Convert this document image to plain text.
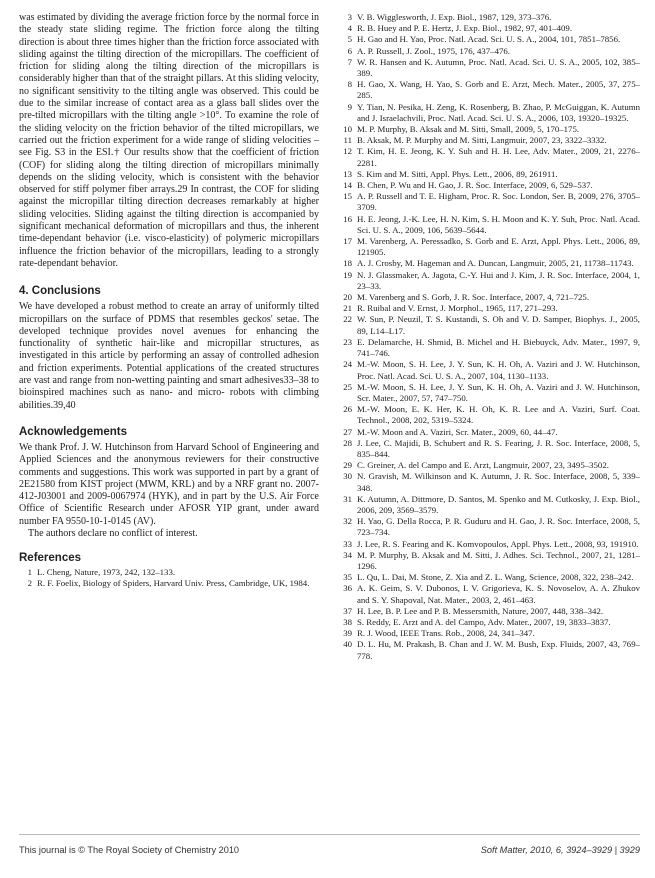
was estimated by dividing the average friction force by the normal force in the steady state sliding regime. The friction force along the tilting direction is about three times higher than the friction force associated with sliding against the tilting direction of the micropillars. The coefficient of friction for sliding along the tilting direction of the micropillars is considerably higher than that of the straight pillars. At this sliding velocity, no significant sensitivity to the tilting angle was observed. This could be due to the similar increase of contact area as a glass ball slides over the pre-tilted micropillars with the tilting angle >10°. To examine the role of the sliding velocity on the friction behavior of the tilted micropillars, we carried out the friction experiment for a wide range of sliding velocities – see Fig. S3 in the ESI.† Our results show that the coefficient of friction (COF) for sliding along the tilting direction of micropillars minimally depends on the sliding velocity, which is consistent with the behavior observed for stiff polymer fiber arrays.29 In contrast, the COF for sliding against the micropillar tilting direction decreases remarkably at higher sliding velocities. Sliding against the tilting direction is accompanied by significant mechanical deformation of micropillars and thus, the inherent time-dependant behavior (i.e. visco-elasticity) of polymeric micropillars influence the friction behavior of the micropillars, leading to a strongly rate-dependant behavior.

4. Conclusions

We have developed a robust method to create an array of uniformly tilted micropillars on the surface of PDMS that resembles geckos' setae. The developed technique provides novel avenues for enhancing the functionality of synthetic hair-like and micropillar structures, as investigated in this article by performing an assay of controlled adhesion and friction experiments. Potential applications of the created structures are vast and range from non-wetting painting and smart adhesives33–38 to bioinspired machines such as nano- and micro- robots with climbing abilities.39,40

Acknowledgements

We thank Prof. J. W. Hutchinson from Harvard School of Engineering and Applied Sciences and the anonymous reviewers for their constructive comments and suggestions. This work was supported in part by a grant of 2E21580 from KIST project (MWM, KRL) and by a NRF grant no. 2007-412-J03001 and 2009-0067974 (HYK), and in part by the U.S. Air Force Office of Scientific Research under AFOSR YIP grant, under award number FA 9550-10-1-0145 (AV).

The authors declare no conflict of interest.

References
1 L. Cheng, Nature, 1973, 242, 132–133.
2 R. F. Foelix, Biology of Spiders, Harvard Univ. Press, Cambridge, UK, 1984.
3 V. B. Wigglesworth, J. Exp. Biol., 1987, 129, 373–376.
4 R. B. Huey and P. E. Hertz, J. Exp. Biol., 1982, 97, 401–409.
5 H. Gao and H. Yao, Proc. Natl. Acad. Sci. U. S. A., 2004, 101, 7851–7856.
6 A. P. Russell, J. Zool., 1975, 176, 437–476.
7 W. R. Hansen and K. Autumn, Proc. Natl. Acad. Sci. U. S. A., 2005, 102, 385–389.
8 H. Gao, X. Wang, H. Yao, S. Gorb and E. Arzt, Mech. Mater., 2005, 37, 275–285.
9 Y. Tian, N. Pesika, H. Zeng, K. Rosenberg, B. Zhao, P. McGuiggan, K. Autumn and J. Israelachvili, Proc. Natl. Acad. Sci. U. S. A., 2006, 103, 19320–19325.
10 M. P. Murphy, B. Aksak and M. Sitti, Small, 2009, 5, 170–175.
11 B. Aksak, M. P. Murphy and M. Sitti, Langmuir, 2007, 23, 3322–3332.
12 T. Kim, H. E. Jeong, K. Y. Suh and H. H. Lee, Adv. Mater., 2009, 21, 2276–2281.
13 S. Kim and M. Sitti, Appl. Phys. Lett., 2006, 89, 261911.
14 B. Chen, P. Wu and H. Gao, J. R. Soc. Interface, 2009, 6, 529–537.
15 A. P. Russell and T. E. Higham, Proc. R. Soc. London, Ser. B, 2009, 276, 3705–3709.
16 H. E. Jeong, J.-K. Lee, H. N. Kim, S. H. Moon and K. Y. Suh, Proc. Natl. Acad. Sci. U. S. A., 2009, 106, 5639–5644.
17 M. Varenberg, A. Peressadko, S. Gorb and E. Arzt, Appl. Phys. Lett., 2006, 89, 121905.
18 A. J. Crosby, M. Hageman and A. Duncan, Langmuir, 2005, 21, 11738–11743.
19 N. J. Glassmaker, A. Jagota, C.-Y. Hui and J. Kim, J. R. Soc. Interface, 2004, 1, 23–33.
20 M. Varenberg and S. Gorb, J. R. Soc. Interface, 2007, 4, 721–725.
21 R. Ruibal and V. Ernst, J. Morphol., 1965, 117, 271–293.
22 W. Sun, P. Neuzil, T. S. Kustandi, S. Oh and V. D. Samper, Biophys. J., 2005, 89, L14–L17.
23 E. Delamarche, H. Shmid, B. Michel and H. Biebuyck, Adv. Mater., 1997, 9, 741–746.
24 M.-W. Moon, S. H. Lee, J. Y. Sun, K. H. Oh, A. Vaziri and J. W. Hutchinson, Proc. Natl. Acad. Sci. U. S. A., 2007, 104, 1130–1133.
25 M.-W. Moon, S. H. Lee, J. Y. Sun, K. H. Oh, A. Vaziri and J. W. Hutchinson, Scr. Mater., 2007, 57, 747–750.
26 M.-W. Moon, E. K. Her, K. H. Oh, K. R. Lee and A. Vaziri, Surf. Coat. Technol., 2008, 202, 5319–5324.
27 M.-W. Moon and A. Vaziri, Scr. Mater., 2009, 60, 44–47.
28 J. Lee, C. Majidi, B. Schubert and R. S. Fearing, J. R. Soc. Interface, 2008, 5, 835–844.
29 C. Greiner, A. del Campo and E. Arzt, Langmuir, 2007, 23, 3495–3502.
30 N. Gravish, M. Wilkinson and K. Autumn, J. R. Soc. Interface, 2008, 5, 339–348.
31 K. Autumn, A. Dittmore, D. Santos, M. Spenko and M. Cutkosky, J. Exp. Biol., 2006, 209, 3569–3579.
32 H. Yao, G. Della Rocca, P. R. Guduru and H. Gao, J. R. Soc. Interface, 2008, 5, 723–734.
33 J. Lee, R. S. Fearing and K. Komvopoulos, Appl. Phys. Lett., 2008, 93, 191910.
34 M. P. Murphy, B. Aksak and M. Sitti, J. Adhes. Sci. Technol., 2007, 21, 1281–1296.
35 L. Qu, L. Dai, M. Stone, Z. Xia and Z. L. Wang, Science, 2008, 322, 238–242.
36 A. K. Geim, S. V. Dubonos, I. V. Grigorieva, K. S. Novoselov, A. A. Zhukov and S. Y. Shapoval, Nat. Mater., 2003, 2, 461–463.
37 H. Lee, B. P. Lee and P. B. Messersmith, Nature, 2007, 448, 338–342.
38 S. Reddy, E. Arzt and A. del Campo, Adv. Mater., 2007, 19, 3833–3837.
39 R. J. Wood, IEEE Trans. Rob., 2008, 24, 341–347.
40 D. L. Hu, M. Prakash, B. Chan and J. W. M. Bush, Exp. Fluids, 2007, 43, 769–778.
This journal is © The Royal Society of Chemistry 2010	Soft Matter, 2010, 6, 3924–3929 | 3929
